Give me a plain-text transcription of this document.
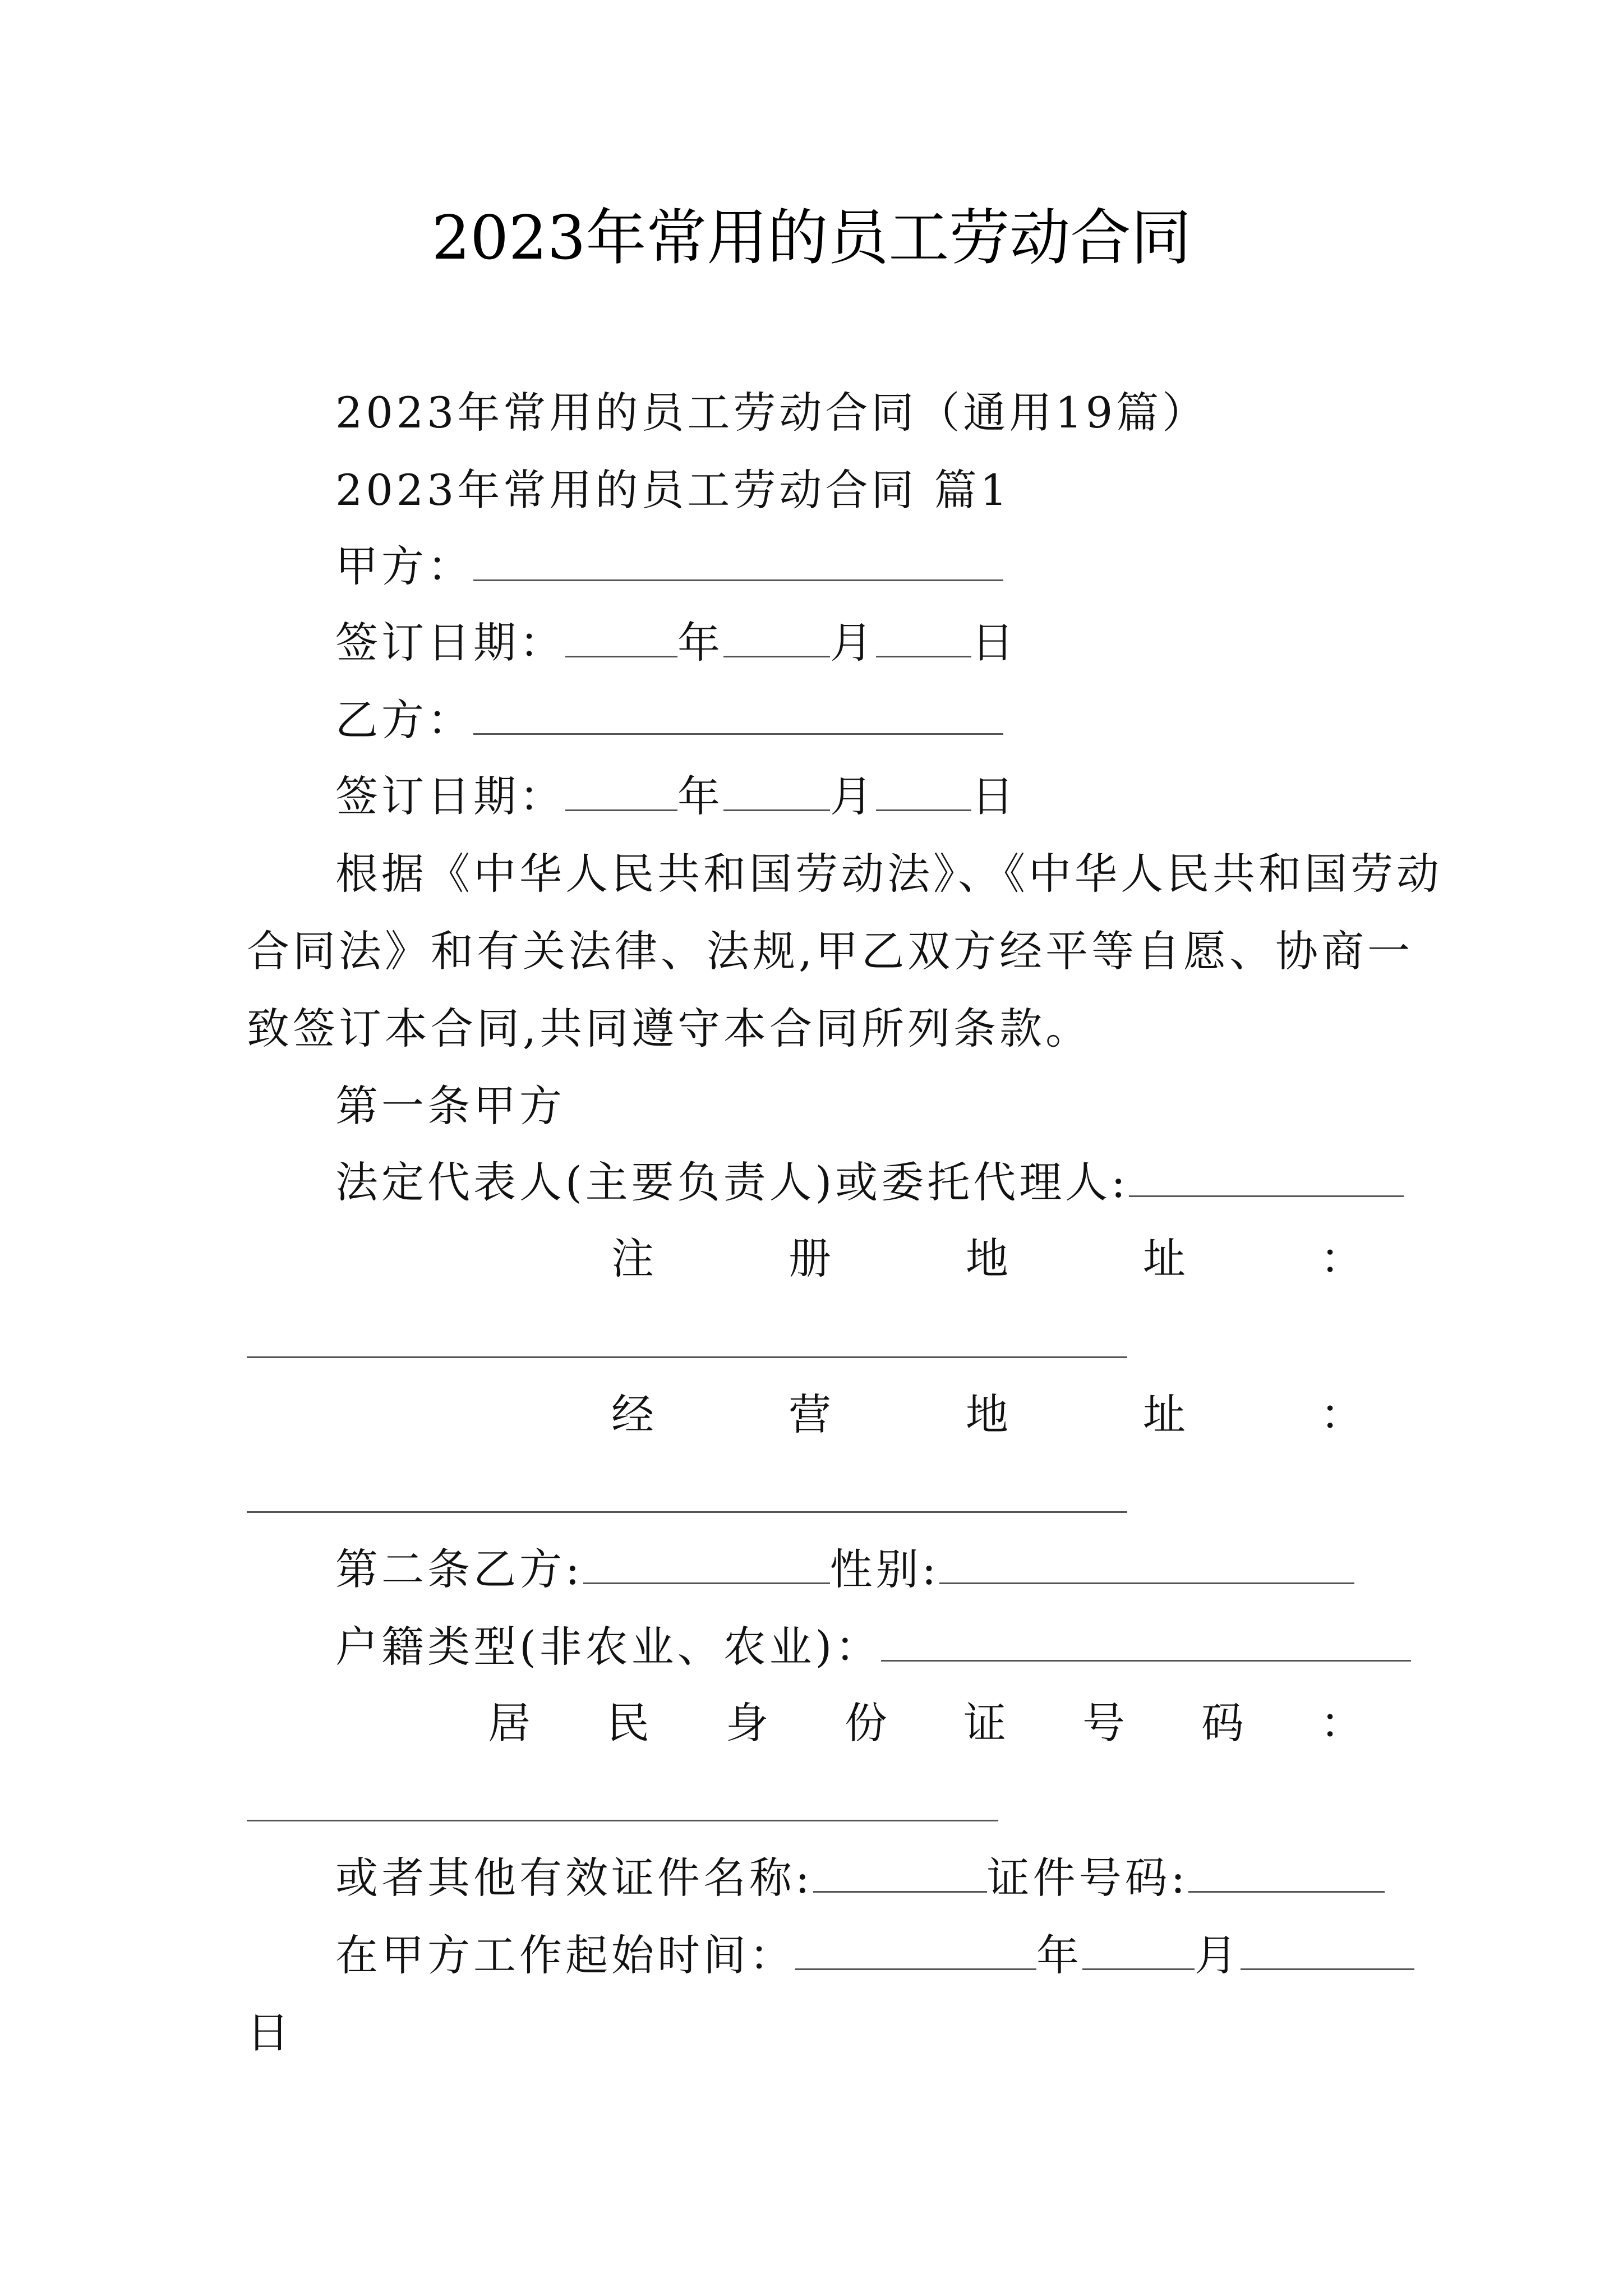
2023年常用的员工劳动合同
2023年常用的员工劳动合同（通用19篇）
2023年常用的员工劳动合同 篇1
甲方：
签订日期：	年	月 日
乙方：
签订日期：	年	月 日
根据《中华人民共和国劳动法》、《中华人民共和国劳动
合同法》和有关法律、法规,甲乙双方经平等自愿、协商一
致签订本合同,共同遵守本合同所列条款。
第一条甲方
法定代表人(主要负责人)或委托代理人:
注	册	地	址	：
经	营	地	址	：
第二条乙方:	性别:
户籍类型(非农业、农业)：
居 民 身 份 证 号 码 ：
或者其他有效证件名称:	证件号码:
在甲方工作起始时间：	年	月
日
